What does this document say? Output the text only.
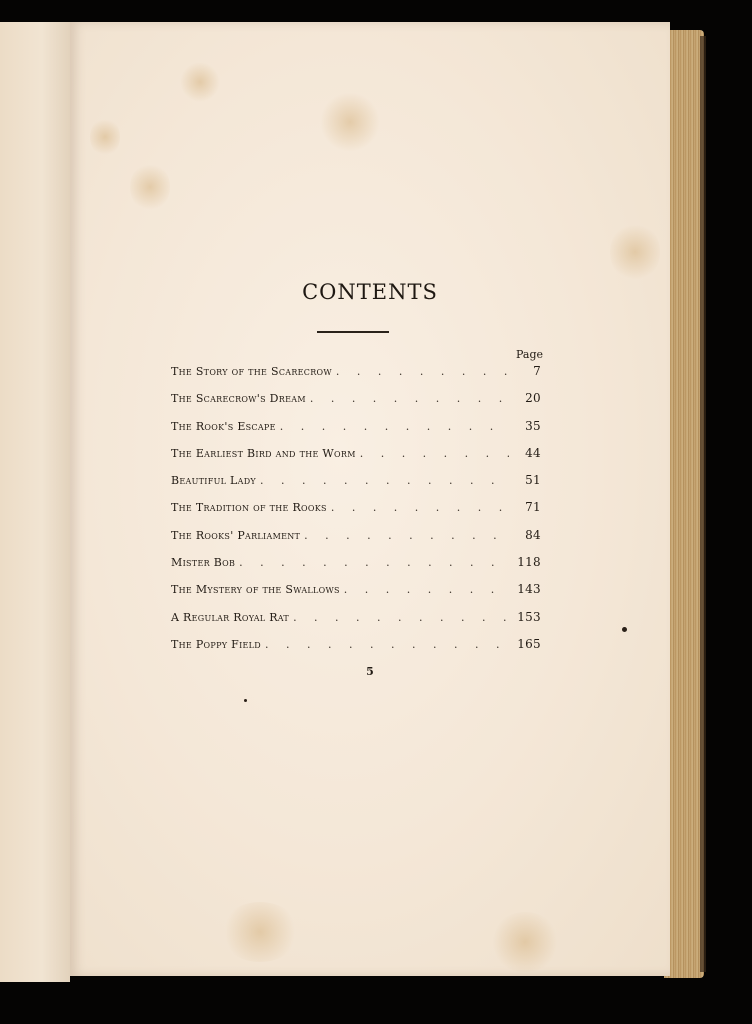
CONTENTS
Page
The Story of the Scarecrow . . .	7
The Scarecrow's Dream . . .	20
The Rook's Escape . . .	35
The Earliest Bird and the Worm . . .	44
Beautiful Lady . . .	51
The Tradition of the Rooks . . .	71
The Rooks' Parliament . . .	84
Mister Bob . . .	118
The Mystery of the Swallows . . .	143
A Regular Royal Rat . . .	153
The Poppy Field . . .	165
5
